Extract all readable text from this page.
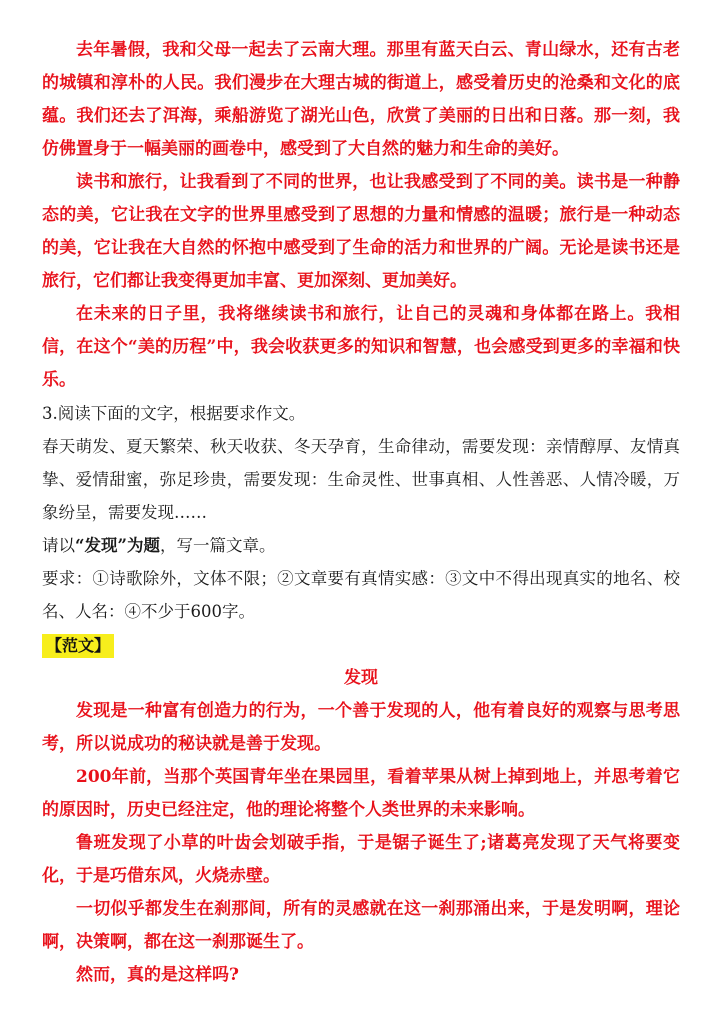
去年暑假，我和父母一起去了云南大理。那里有蓝天白云、青山绿水，还有古老的城镇和淳朴的人民。我们漫步在大理古城的街道上，感受着历史的沧桑和文化的底蕴。我们还去了洱海，乘船游览了湖光山色，欣赏了美丽的日出和日落。那一刻，我仿佛置身于一幅美丽的画卷中，感受到了大自然的魅力和生命的美好。

读书和旅行，让我看到了不同的世界，也让我感受到了不同的美。读书是一种静态的美，它让我在文字的世界里感受到了思想的力量和情感的温暖；旅行是一种动态的美，它让我在大自然的怀抱中感受到了生命的活力和世界的广阔。无论是读书还是旅行，它们都让我变得更加丰富、更加深刻、更加美好。

在未来的日子里，我将继续读书和旅行，让自己的灵魂和身体都在路上。我相信，在这个“美的历程”中，我会收获更多的知识和智慧，也会感受到更多的幸福和快乐。

3.阅读下面的文字，根据要求作文。

春天萌发、夏天繁荣、秋天收获、冬天孕育，生命律动，需要发现：亲情醇厚、友情真挚、爱情甜蜜，弥足珍贵，需要发现：生命灵性、世事真相、人性善恶、人情冷暖，万象纷呈，需要发现……

请以“发现”为题，写一篇文章。

要求：①诗歌除外，文体不限；②文章要有真情实感：③文中不得出现真实的地名、校名、人名：④不少于600字。

【范文】

发现

发现是一种富有创造力的行为，一个善于发现的人，他有着良好的观察与思考思考，所以说成功的秘诀就是善于发现。

200年前，当那个英国青年坐在果园里，看着苹果从树上掉到地上，并思考着它的原因时，历史已经注定，他的理论将整个人类世界的未来影响。

鲁班发现了小草的叶齿会划破手指，于是锯子诞生了;诸葛亮发现了天气将要变化，于是巧借东风，火烧赤壁。

一切似乎都发生在刹那间，所有的灵感就在这一刹那涌出来，于是发明啊，理论啊，决策啊，都在这一刹那诞生了。

然而，真的是这样吗?
